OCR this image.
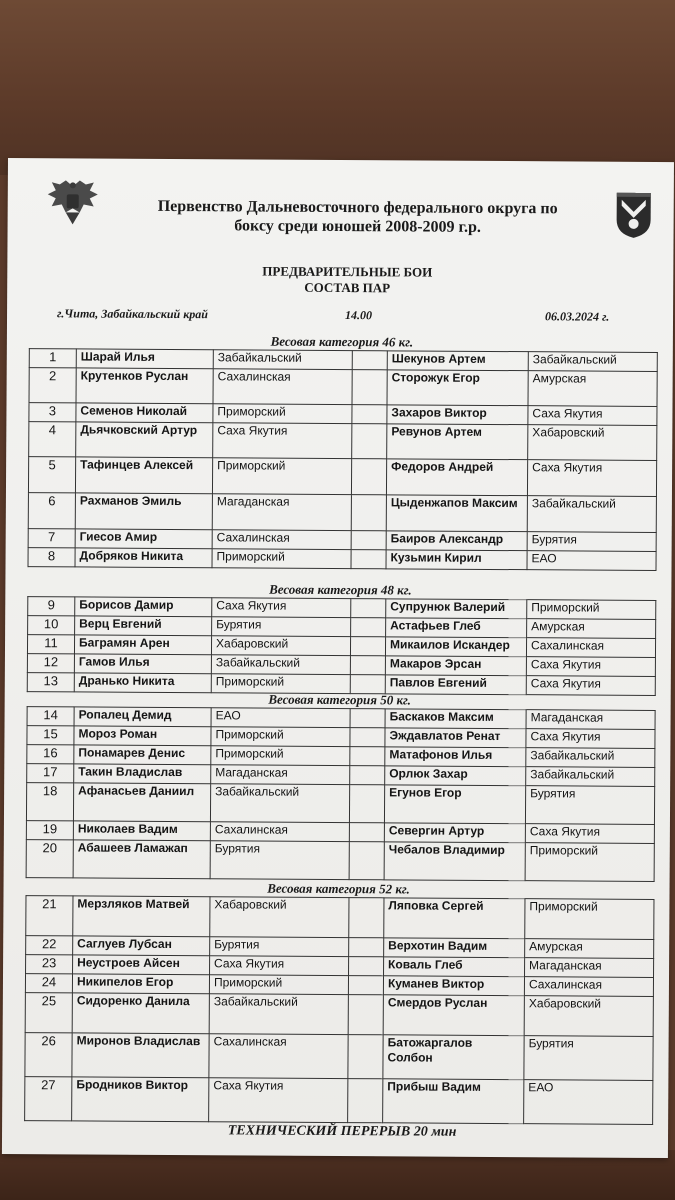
Первенство Дальневосточного федерального округа по
боксу среди юношей 2008-2009 г.р.
ПРЕДВАРИТЕЛЬНЫЕ БОИ
СОСТАВ ПАР
г.Чита, Забайкальский край	14.00	06.03.2024 г.
Весовая категория 46 кг.
1	Шарай Илья	Забайкальский		Шекунов Артем	Забайкальский
2	Крутенков Руслан	Сахалинская		Сторожук Егор	Амурская
3	Семенов Николай	Приморский		Захаров Виктор	Саха Якутия
4	Дьячковский Артур	Саха Якутия		Ревунов Артем	Хабаровский
5	Тафинцев Алексей	Приморский		Федоров Андрей	Саха Якутия
6	Рахманов Эмиль	Магаданская		Цыденжапов Максим	Забайкальский
7	Гиесов Амир	Сахалинская		Баиров Александр	Бурятия
8	Добряков Никита	Приморский		Кузьмин Кирил	ЕАО
Весовая категория 48 кг.
9	Борисов Дамир	Саха Якутия		Супрунюк Валерий	Приморский
10	Верц Евгений	Бурятия		Астафьев Глеб	Амурская
11	Баграмян Арен	Хабаровский		Микаилов Искандер	Сахалинская
12	Гамов Илья	Забайкальский		Макаров Эрсан	Саха Якутия
13	Дранько Никита	Приморский		Павлов Евгений	Саха Якутия
Весовая категория 50 кг.
14	Ропалец Демид	ЕАО		Баскаков Максим	Магаданская
15	Мороз Роман	Приморский		Эждавлатов Ренат	Саха Якутия
16	Понамарев Денис	Приморский		Матафонов Илья	Забайкальский
17	Такин Владислав	Магаданская		Орлюк Захар	Забайкальский
18	Афанасьев Даниил	Забайкальский		Егунов Егор	Бурятия
19	Николаев Вадим	Сахалинская		Севергин Артур	Саха Якутия
20	Абашеев Ламажап	Бурятия		Чебалов Владимир	Приморский
Весовая категория 52 кг.
21	Мерзляков Матвей	Хабаровский		Ляповка Сергей	Приморский
22	Саглуев Лубсан	Бурятия		Верхотин Вадим	Амурская
23	Неустроев Айсен	Саха Якутия		Коваль Глеб	Магаданская
24	Никипелов Егор	Приморский		Куманев Виктор	Сахалинская
25	Сидоренко Данила	Забайкальский		Смердов Руслан	Хабаровский
26	Миронов Владислав	Сахалинская		Батожаргалов Солбон	Бурятия
27	Бродников Виктор	Саха Якутия		Прибыш Вадим	ЕАО
ТЕХНИЧЕСКИЙ ПЕРЕРЫВ 20 мин
